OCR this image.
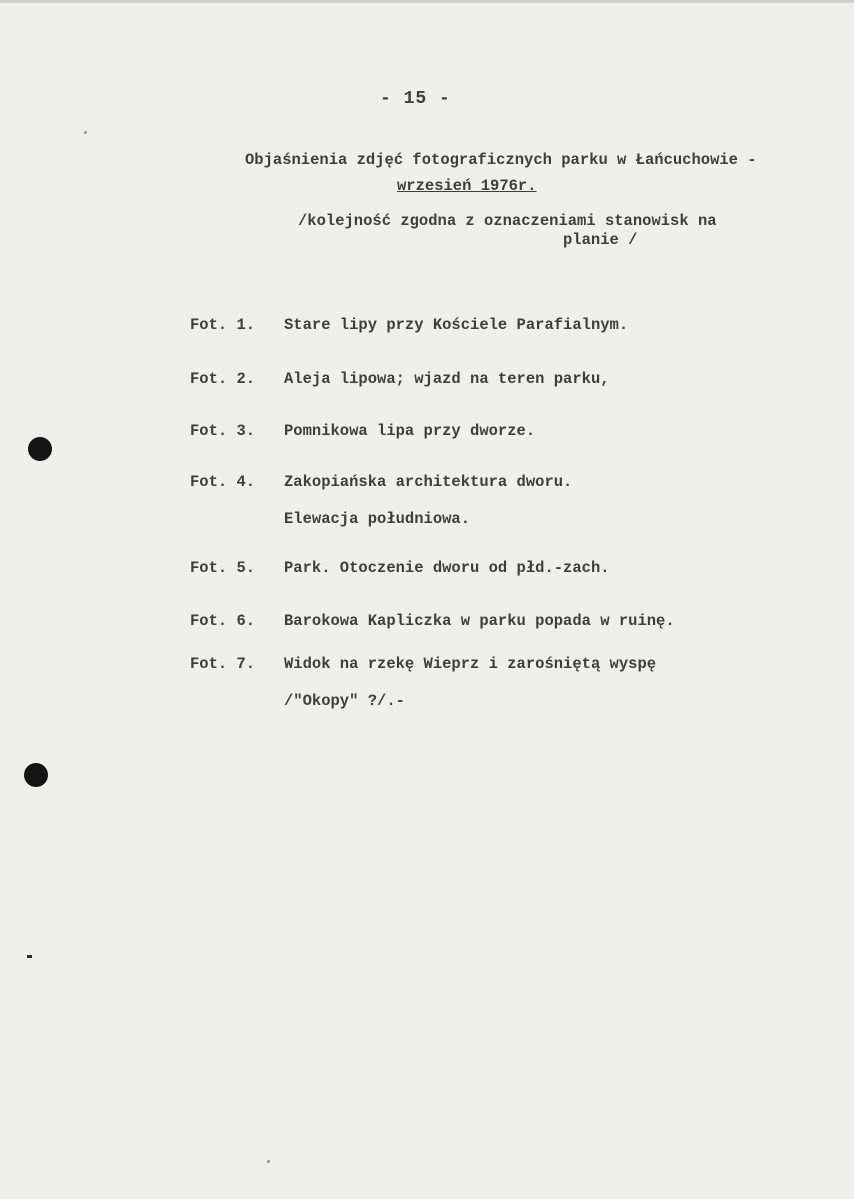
- 15 -
Objaśnienia zdjęć fotograficznych parku w Łańcuchowie -
wrzesień 1976r.
/kolejność zgodna z oznaczeniami stanowisk na
planie /
Fot. 1. Stare lipy przy Kościele Parafialnym.
Fot. 2. Aleja lipowa; wjazd na teren parku,
Fot. 3. Pomnikowa lipa przy dworze.
Fot. 4. Zakopiańska architektura dworu.
Elewacja południowa.
Fot. 5. Park. Otoczenie dworu od płd.-zach.
Fot. 6. Barokowa Kapliczka w parku popada w ruinę.
Fot. 7. Widok na rzekę Wieprz i zarośniętą wyspę
/"Okopy" ?/.-
